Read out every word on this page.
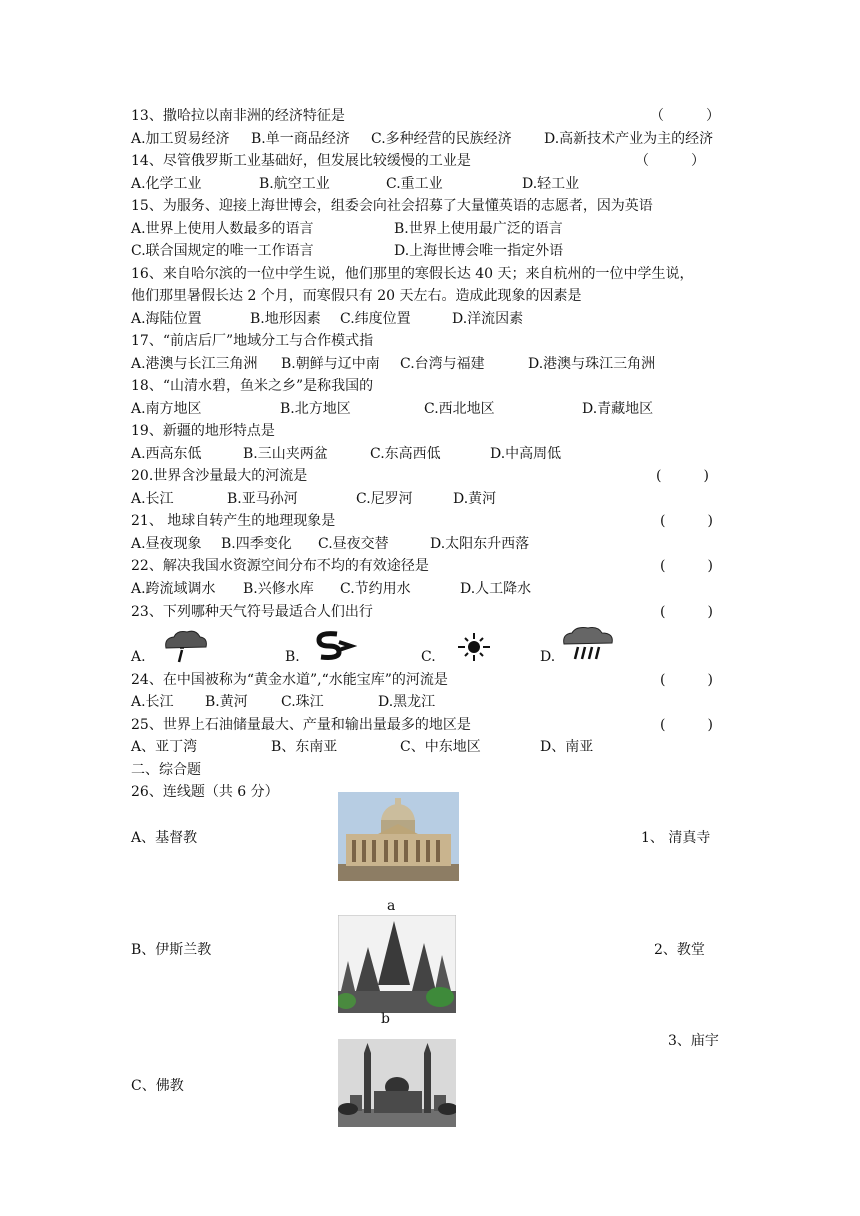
13、撒哈拉以南非洲的经济特征是	（　　　）
A.加工贸易经济 B.单一商品经济 C.多种经营的民族经济 D.高新技术产业为主的经济
14、尽管俄罗斯工业基础好，但发展比较缓慢的工业是	（　　　）
A.化学工业	B.航空工业	C.重工业	D.轻工业
15、为服务、迎接上海世博会，组委会向社会招募了大量懂英语的志愿者，因为英语
A.世界上使用人数最多的语言	B.世界上使用最广泛的语言
C.联合国规定的唯一工作语言	D.上海世博会唯一指定外语
16、来自哈尔滨的一位中学生说，他们那里的寒假长达 40 天；来自杭州的一位中学生说，
他们那里暑假长达 2 个月，而寒假只有 20 天左右。造成此现象的因素是
A.海陆位置	B.地形因素 C.纬度位置	D.洋流因素
17、“前店后厂”地域分工与合作模式指
A.港澳与长江三角洲 B.朝鲜与辽中南 C.台湾与福建	D.港澳与珠江三角洲
18、“山清水碧，鱼米之乡”是称我国的
A.南方地区	B.北方地区	C.西北地区	D.青藏地区
19、新疆的地形特点是
A.西高东低	B.三山夹两盆	C.东高西低	D.中高周低
20.世界含沙量最大的河流是	(　　　)
A.长江	B.亚马孙河	C.尼罗河	D.黄河
21、 地球自转产生的地理现象是	(　　　)
A.昼夜现象 B.四季变化 C.昼夜交替	D.太阳东升西落
22、解决我国水资源空间分布不均的有效途径是	(　　　)
A.跨流域调水 B.兴修水库 C.节约用水	D.人工降水
23、下列哪种天气符号最适合人们出行	(　　　)
A.	B.	C.	D.
24、在中国被称为“黄金水道”,“水能宝库”的河流是	(　　　)
A.长江 B.黄河 C.珠江	D.黑龙江
25、世界上石油储量最大、产量和输出量最多的地区是	(　　　)
A、亚丁湾	B、东南亚	C、中东地区	D、南亚
二、综合题
26、连线题（共 6 分）
A、基督教
B、伊斯兰教
C、佛教
1、 清真寺
2、教堂
3、庙宇
a
b
